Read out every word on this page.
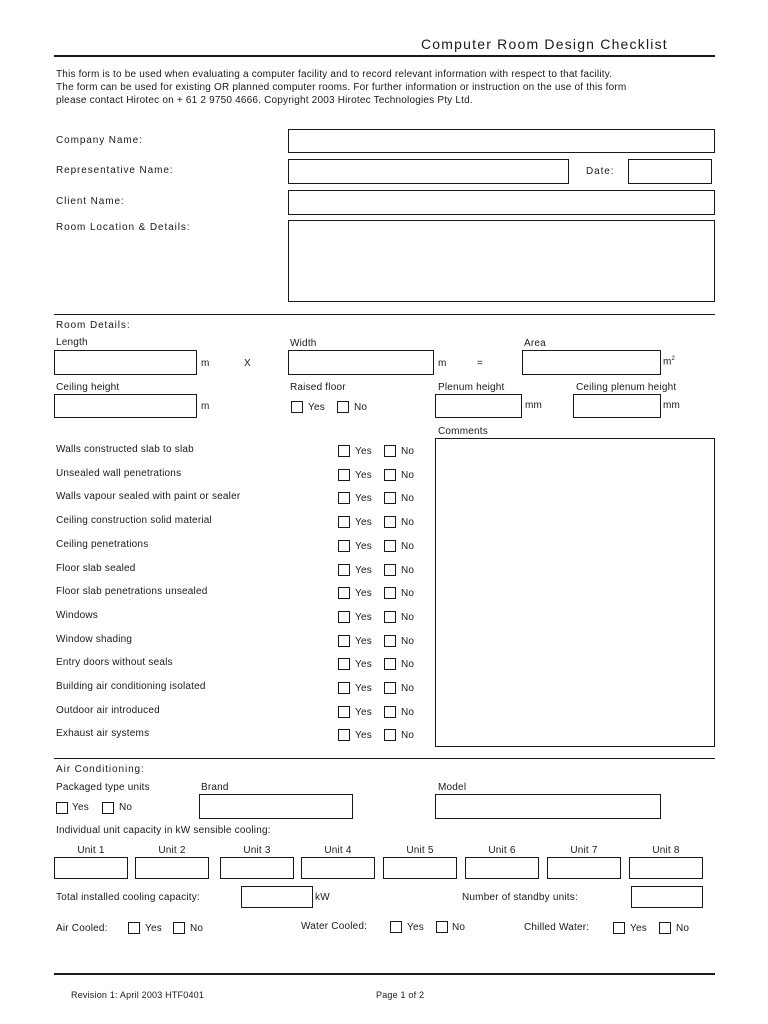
Computer Room Design Checklist
This form is to be used when evaluating a computer facility and to record relevant information with respect to that facility.
The form can be used for existing OR planned computer rooms. For further information or instruction on the use of this form
please contact Hirotec on + 61 2 9750 4666. Copyright 2003 Hirotec Technologies Pty Ltd.
Company Name:
Representative Name:	Date:
Client Name:
Room Location & Details:
Room Details:
Length
m	X
Width
m	=
Area
$m^2$
Ceiling height
m
Raised floor
Yes	No
Plenum height
mm
Ceiling plenum height
mm
Comments
Walls constructed slab to slab	Yes	No
Unsealed wall penetrations	Yes	No
Walls vapour sealed with paint or sealer	Yes	No
Ceiling construction solid material	Yes	No
Ceiling penetrations	Yes	No
Floor slab sealed	Yes	No
Floor slab penetrations unsealed	Yes	No
Windows	Yes	No
Window shading	Yes	No
Entry doors without seals	Yes	No
Building air conditioning isolated	Yes	No
Outdoor air introduced	Yes	No
Exhaust air systems	Yes	No
Air Conditioning:
Packaged type units
Yes	No
Brand	Model
Individual unit capacity in kW sensible cooling:
Unit 1	Unit 2	Unit 3	Unit 4	Unit 5	Unit 6	Unit 7	Unit 8
Total installed cooling capacity:	kW	Number of standby units:
Air Cooled:	Yes	No	Water Cooled:	Yes	No	Chilled Water:	Yes	No
Revision 1: April 2003 HTF0401	Page 1 of 2
